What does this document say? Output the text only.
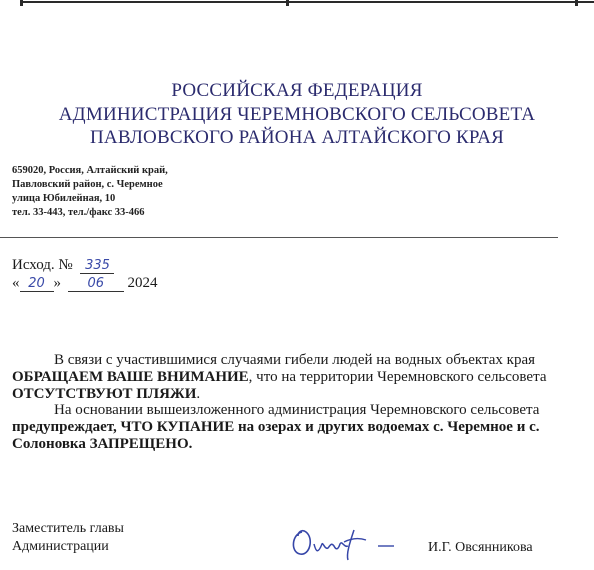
РОССИЙСКАЯ ФЕДЕРАЦИЯ
АДМИНИСТРАЦИЯ ЧЕРЕМНОВСКОГО СЕЛЬСОВЕТА
ПАВЛОВСКОГО РАЙОНА АЛТАЙСКОГО КРАЯ
659020, Россия, Алтайский край,
Павловский район, с. Черемное
улица Юбилейная, 10
тел. 33-443, тел./факс 33-466
Исход. № 335
« 20 » 06 2024
В связи с участившимися случаями гибели людей на водных объектах края ОБРАЩАЕМ ВАШЕ ВНИМАНИЕ, что на территории Черемновского сельсовета ОТСУТСТВУЮТ ПЛЯЖИ.
На основании вышеизложенного администрация Черемновского сельсовета предупреждает, ЧТО КУПАНИЕ на озерах и других водоемах с. Черемное и с. Солоновка ЗАПРЕЩЕНО.
Заместитель главы
Администрации	И.Г. Овсянникова
